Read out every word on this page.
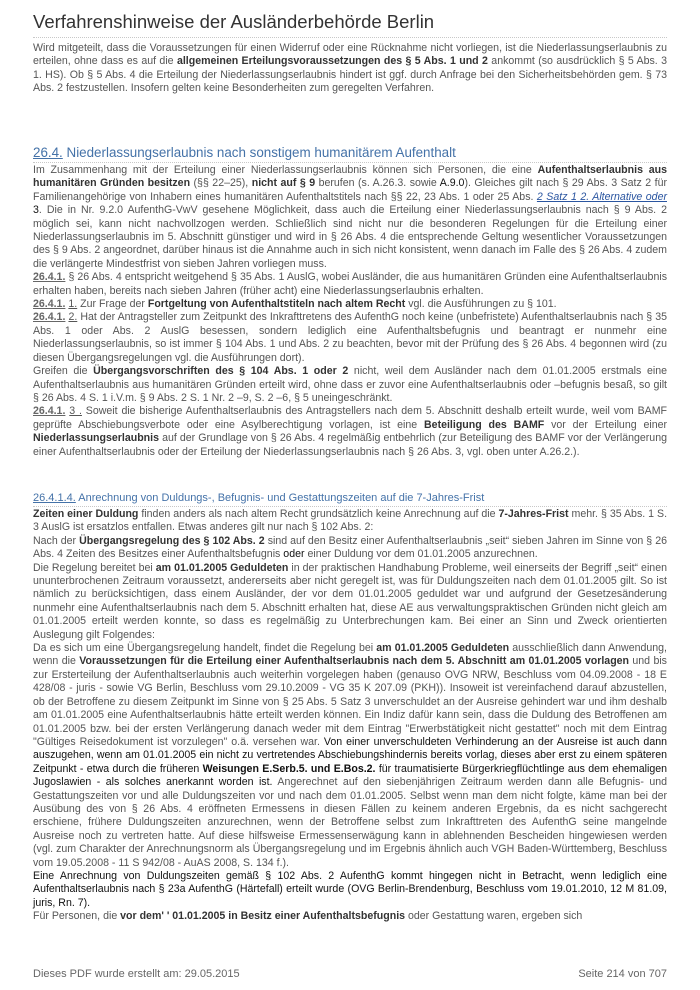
Verfahrenshinweise der Ausländerbehörde Berlin

Wird mitgeteilt, dass die Voraussetzungen für einen Widerruf oder eine Rücknahme nicht vorliegen, ist die Niederlassungserlaubnis zu erteilen, ohne dass es auf die allgemeinen Erteilungsvoraussetzungen des § 5 Abs. 1 und 2 ankommt (so ausdrücklich § 5 Abs. 3 1. HS). Ob § 5 Abs. 4 die Erteilung der Niederlassungserlaubnis hindert ist ggf. durch Anfrage bei den Sicherheitsbehörden gem. § 73 Abs. 2 festzustellen. Insofern gelten keine Besonderheiten zum geregelten Verfahren.

26.4. Niederlassungserlaubnis nach sonstigem humanitärem Aufenthalt

Im Zusammenhang mit der Erteilung einer Niederlassungserlaubnis können sich Personen, die eine Aufenthaltserlaubnis aus humanitären Gründen besitzen (§§ 22–25), nicht auf § 9 berufen (s. A.26.3. sowie A.9.0). Gleiches gilt nach § 29 Abs. 3 Satz 2 für Familienangehörige von Inhabern eines humanitären Aufenthaltstitels nach §§ 22, 23 Abs. 1 oder 25 Abs. 2 Satz 1 2. Alternative oder 3. Die in Nr. 9.2.0 AufenthG-VwV gesehene Möglichkeit, dass auch die Erteilung einer Niederlassungserlaubnis nach § 9 Abs. 2 möglich sei, kann nicht nachvollzogen werden. Schließlich sind nicht nur die besonderen Regelungen für die Erteilung einer Niederlassungserlaubnis im 5. Abschnitt günstiger und wird in § 26 Abs. 4 die entsprechende Geltung wesentlicher Voraussetzungen des § 9 Abs. 2 angeordnet, darüber hinaus ist die Annahme auch in sich nicht konsistent, wenn danach im Falle des § 26 Abs. 4 zudem die verlängerte Mindestfrist von sieben Jahren vorliegen muss.

26.4.1. § 26 Abs. 4 entspricht weitgehend § 35 Abs. 1 AuslG, wobei Ausländer, die aus humanitären Gründen eine Aufenthaltserlaubnis erhalten haben, bereits nach sieben Jahren (früher acht) eine Niederlassungserlaubnis erhalten.

26.4.1. 1. Zur Frage der Fortgeltung von Aufenthaltstiteln nach altem Recht vgl. die Ausführungen zu § 101.

26.4.1. 2. Hat der Antragsteller zum Zeitpunkt des Inkrafttretens des AufenthG noch keine (unbefristete) Aufenthaltserlaubnis nach § 35 Abs. 1 oder Abs. 2 AuslG besessen, sondern lediglich eine Aufenthaltsbefugnis und beantragt er nunmehr eine Niederlassungserlaubnis, so ist immer § 104 Abs. 1 und Abs. 2 zu beachten, bevor mit der Prüfung des § 26 Abs. 4 begonnen wird (zu diesen Übergangsregelungen vgl. die Ausführungen dort).

Greifen die Übergangsvorschriften des § 104 Abs. 1 oder 2 nicht, weil dem Ausländer nach dem 01.01.2005 erstmals eine Aufenthaltserlaubnis aus humanitären Gründen erteilt wird, ohne dass er zuvor eine Aufenthaltserlaubnis oder –befugnis besaß, so gilt § 26 Abs. 4 S. 1 i.V.m. § 9 Abs. 2 S. 1 Nr. 2 –9, S. 2 –6, § 5 uneingeschränkt.

26.4.1. 3 . Soweit die bisherige Aufenthaltserlaubnis des Antragstellers nach dem 5. Abschnitt deshalb erteilt wurde, weil vom BAMF geprüfte Abschiebungsverbote oder eine Asylberechtigung vorlagen, ist eine Beteiligung des BAMF vor der Erteilung einer Niederlassungserlaubnis auf der Grundlage von § 26 Abs. 4 regelmäßig entbehrlich (zur Beteiligung des BAMF vor der Verlängerung einer Aufenthaltserlaubnis oder der Erteilung der Niederlassungserlaubnis nach § 26 Abs. 3, vgl. oben unter A.26.2.).

26.4.1.4. Anrechnung von Duldungs-, Befugnis- und Gestattungszeiten auf die 7-Jahres-Frist

Zeiten einer Duldung finden anders als nach altem Recht grundsätzlich keine Anrechnung auf die 7-Jahres-Frist mehr. § 35 Abs. 1 S. 3 AuslG ist ersatzlos entfallen. Etwas anderes gilt nur nach § 102 Abs. 2:

Nach der Übergangsregelung des § 102 Abs. 2 sind auf den Besitz einer Aufenthaltserlaubnis „seit“ sieben Jahren im Sinne von § 26 Abs. 4 Zeiten des Besitzes einer Aufenthaltsbefugnis oder einer Duldung vor dem 01.01.2005 anzurechnen.

Die Regelung bereitet bei am 01.01.2005 Geduldeten in der praktischen Handhabung Probleme, weil einerseits der Begriff „seit“ einen ununterbrochenen Zeitraum voraussetzt, andererseits aber nicht geregelt ist, was für Duldungszeiten nach dem 01.01.2005 gilt. So ist nämlich zu berücksichtigen, dass einem Ausländer, der vor dem 01.01.2005 geduldet war und aufgrund der Gesetzesänderung nunmehr eine Aufenthaltserlaubnis nach dem 5. Abschnitt erhalten hat, diese AE aus verwaltungspraktischen Gründen nicht gleich am 01.01.2005 erteilt werden konnte, so dass es regelmäßig zu Unterbrechungen kam. Bei einer an Sinn und Zweck orientierten Auslegung gilt Folgendes:

Da es sich um eine Übergangsregelung handelt, findet die Regelung bei am 01.01.2005 Geduldeten ausschließlich dann Anwendung, wenn die Voraussetzungen für die Erteilung einer Aufenthaltserlaubnis nach dem 5. Abschnitt am 01.01.2005 vorlagen und bis zur Ersterteilung der Aufenthaltserlaubnis auch weiterhin vorgelegen haben (genauso OVG NRW, Beschluss vom 04.09.2008 - 18 E 428/08 - juris - sowie VG Berlin, Beschluss vom 29.10.2009 - VG 35 K 207.09 (PKH)). Insoweit ist vereinfachend darauf abzustellen, ob der Betroffene zu diesem Zeitpunkt im Sinne von § 25 Abs. 5 Satz 3 unverschuldet an der Ausreise gehindert war und ihm deshalb am 01.01.2005 eine Aufenthaltserlaubnis hätte erteilt werden können. Ein Indiz dafür kann sein, dass die Duldung des Betroffenen am 01.01.2005 bzw. bei der ersten Verlängerung danach weder mit dem Eintrag "Erwerbstätigkeit nicht gestattet" noch mit dem Eintrag "Gültiges Reisedokument ist vorzulegen" o.ä. versehen war. Von einer unverschuldeten Verhinderung an der Ausreise ist auch dann auszugehen, wenn am 01.01.2005 ein nicht zu vertretendes Abschiebungshindernis bereits vorlag, dieses aber erst zu einem späteren Zeitpunkt - etwa durch die früheren Weisungen E.Serb.5. und E.Bos.2. für traumatisierte Bürgerkriegflüchtlinge aus dem ehemaligen Jugoslawien - als solches anerkannt worden ist. Angerechnet auf den siebenjährigen Zeitraum werden dann alle Befugnis- und Gestattungszeiten vor und alle Duldungszeiten vor und nach dem 01.01.2005. Selbst wenn man dem nicht folgte, käme man bei der Ausübung des von § 26 Abs. 4 eröffneten Ermessens in diesen Fällen zu keinem anderen Ergebnis, da es nicht sachgerecht erschiene, frühere Duldungszeiten anzurechnen, wenn der Betroffene selbst zum Inkrafttreten des AufenthG seine mangelnde Ausreise noch zu vertreten hatte. Auf diese hilfsweise Ermessenserwägung kann in ablehnenden Bescheiden hingewiesen werden (vgl. zum Charakter der Anrechnungsnorm als Übergangsregelung und im Ergebnis ähnlich auch VGH Baden-Württemberg, Beschluss vom 19.05.2008 - 11 S 942/08 - AuAS 2008, S. 134 f.).

Eine Anrechnung von Duldungszeiten gemäß § 102 Abs. 2 AufenthG kommt hingegen nicht in Betracht, wenn lediglich eine Aufenthaltserlaubnis nach § 23a AufenthG (Härtefall) erteilt wurde (OVG Berlin-Brendenburg, Beschluss vom 19.01.2010, 12 M 81.09, juris, Rn. 7).

Für Personen, die vor dem' ' 01.01.2005 in Besitz einer Aufenthaltsbefugnis oder Gestattung waren, ergeben sich

Dieses PDF wurde erstellt am: 29.05.2015	Seite 214 von 707
